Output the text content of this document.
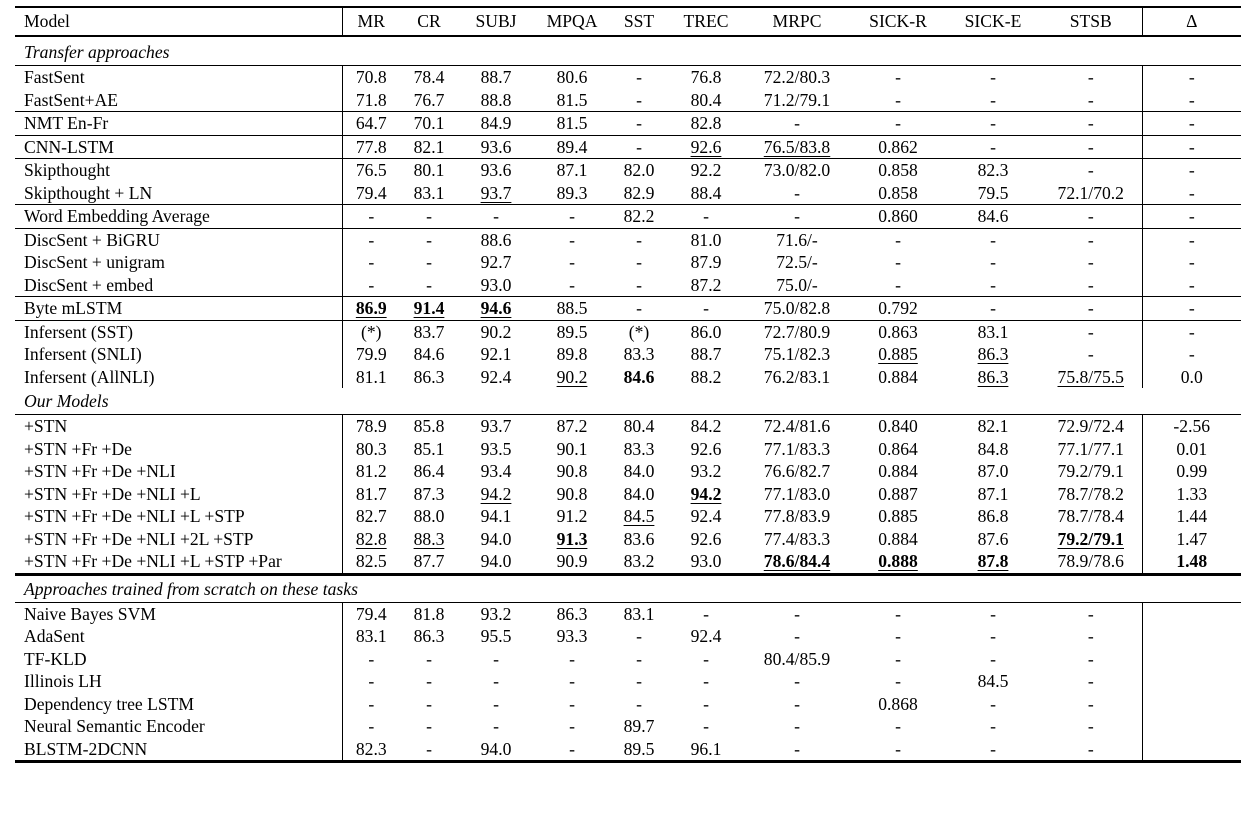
Model	MR	CR	SUBJ	MPQA	SST	TREC	MRPC	SICK-R	SICK-E	STSB	Δ

Transfer approaches											
FastSent	70.8	78.4	88.7	80.6	-	76.8	72.2/80.3	-	-	-	-
FastSent+AE	71.8	76.7	88.8	81.5	-	80.4	71.2/79.1	-	-	-	-
NMT En-Fr	64.7	70.1	84.9	81.5	-	82.8	-	-	-	-	-
CNN-LSTM	77.8	82.1	93.6	89.4	-	92.6	76.5/83.8	0.862	-	-	-
Skipthought	76.5	80.1	93.6	87.1	82.0	92.2	73.0/82.0	0.858	82.3	-	-
Skipthought + LN	79.4	83.1	93.7	89.3	82.9	88.4	-	0.858	79.5	72.1/70.2	-
Word Embedding Average	-	-	-	-	82.2	-	-	0.860	84.6	-	-
DiscSent + BiGRU	-	-	88.6	-	-	81.0	71.6/-	-	-	-	-
DiscSent + unigram	-	-	92.7	-	-	87.9	72.5/-	-	-	-	-
DiscSent + embed	-	-	93.0	-	-	87.2	75.0/-	-	-	-	-
Byte mLSTM	86.9	91.4	94.6	88.5	-	-	75.0/82.8	0.792	-	-	-
Infersent (SST)	(*)	83.7	90.2	89.5	(*)	86.0	72.7/80.9	0.863	83.1	-	-
Infersent (SNLI)	79.9	84.6	92.1	89.8	83.3	88.7	75.1/82.3	0.885	86.3	-	-
Infersent (AllNLI)	81.1	86.3	92.4	90.2	84.6	88.2	76.2/83.1	0.884	86.3	75.8/75.5	0.0
Our Models											
+STN	78.9	85.8	93.7	87.2	80.4	84.2	72.4/81.6	0.840	82.1	72.9/72.4	-2.56
+STN +Fr +De	80.3	85.1	93.5	90.1	83.3	92.6	77.1/83.3	0.864	84.8	77.1/77.1	0.01
+STN +Fr +De +NLI	81.2	86.4	93.4	90.8	84.0	93.2	76.6/82.7	0.884	87.0	79.2/79.1	0.99
+STN +Fr +De +NLI +L	81.7	87.3	94.2	90.8	84.0	94.2	77.1/83.0	0.887	87.1	78.7/78.2	1.33
+STN +Fr +De +NLI +L +STP	82.7	88.0	94.1	91.2	84.5	92.4	77.8/83.9	0.885	86.8	78.7/78.4	1.44
+STN +Fr +De +NLI +2L +STP	82.8	88.3	94.0	91.3	83.6	92.6	77.4/83.3	0.884	87.6	79.2/79.1	1.47
+STN +Fr +De +NLI +L +STP +Par	82.5	87.7	94.0	90.9	83.2	93.0	78.6/84.4	0.888	87.8	78.9/78.6	1.48
Approaches trained from scratch on these tasks											
Naive Bayes SVM	79.4	81.8	93.2	86.3	83.1	-	-	-	-	-	
AdaSent	83.1	86.3	95.5	93.3	-	92.4	-	-	-	-	
TF-KLD	-	-	-	-	-	-	80.4/85.9	-	-	-	
Illinois LH	-	-	-	-	-	-	-	-	84.5	-	
Dependency tree LSTM	-	-	-	-	-	-	-	0.868	-	-	
Neural Semantic Encoder	-	-	-	-	89.7	-	-	-	-	-	
BLSTM-2DCNN	82.3	-	94.0	-	89.5	96.1	-	-	-	-	
